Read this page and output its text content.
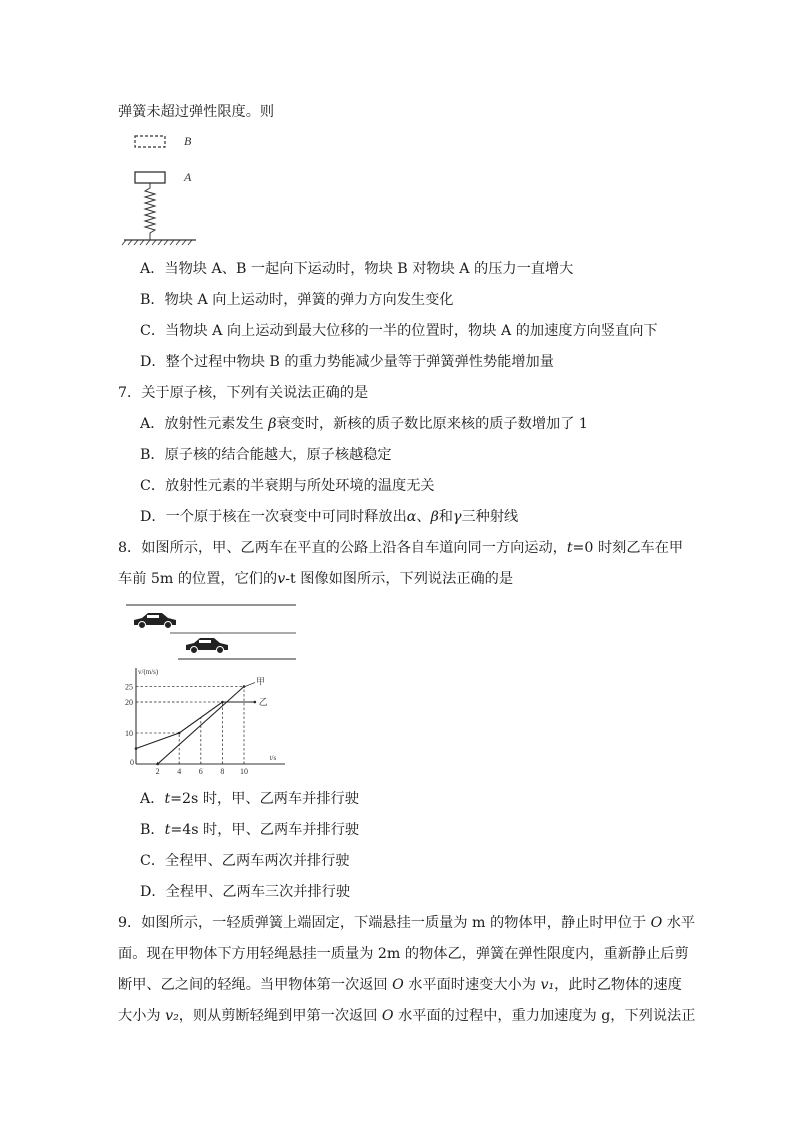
弹簧未超过弹性限度。则
B
A
A．当物块 A、B 一起向下运动时，物块 B 对物块 A 的压力一直增大
B．物块 A 向上运动时，弹簧的弹力方向发生变化
C．当物块 A 向上运动到最大位移的一半的位置时，物块 A 的加速度方向竖直向下
D．整个过程中物块 B 的重力势能减少量等于弹簧弹性势能增加量
7．关于原子核，下列有关说法正确的是
A．放射性元素发生 β衰变时，新核的质子数比原来核的质子数增加了 1
B．原子核的结合能越大，原子核越稳定
C．放射性元素的半衰期与所处环境的温度无关
D．一个原于核在一次衰变中可同时释放出α、β和γ三种射线
8．如图所示，甲、乙两车在平直的公路上沿各自车道向同一方向运动，t=0 时刻乙车在甲
车前 5m 的位置，它们的v-t 图像如图所示，下列说法正确的是
0
v/(m/s)
t/s
2 4 6 8 10
10
20
25
甲
乙
A．t=2s 时，甲、乙两车并排行驶
B．t=4s 时，甲、乙两车并排行驶
C．全程甲、乙两车两次并排行驶
D．全程甲、乙两车三次并排行驶
9．如图所示，一轻质弹簧上端固定，下端悬挂一质量为 m 的物体甲，静止时甲位于 O 水平
面。现在甲物体下方用轻绳悬挂一质量为 2m 的物体乙，弹簧在弹性限度内，重新静止后剪
断甲、乙之间的轻绳。当甲物体第一次返回 O 水平面时速变大小为 v₁，此时乙物体的速度
大小为 v₂，则从剪断轻绳到甲第一次返回 O 水平面的过程中，重力加速度为 g，下列说法正
